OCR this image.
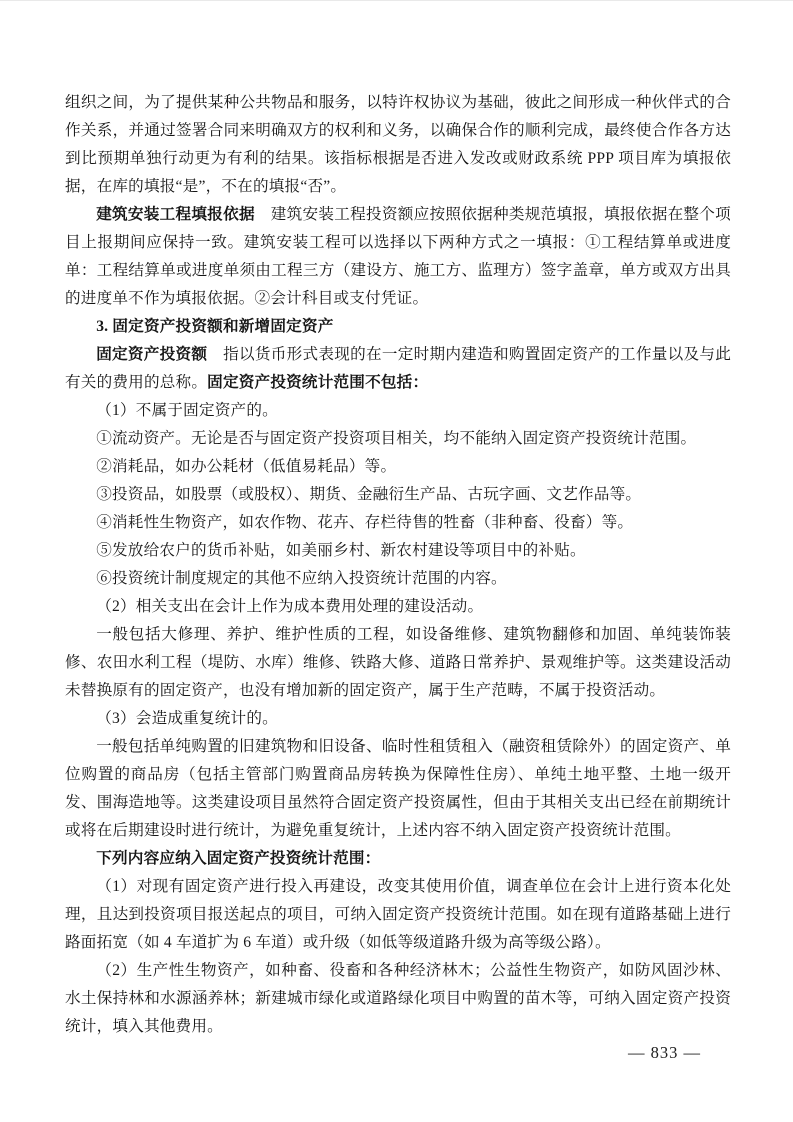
组织之间，为了提供某种公共物品和服务，以特许权协议为基础，彼此之间形成一种伙伴式的合作关系，并通过签署合同来明确双方的权利和义务，以确保合作的顺利完成，最终使合作各方达到比预期单独行动更为有利的结果。该指标根据是否进入发改或财政系统 PPP 项目库为填报依据，在库的填报“是”，不在的填报“否”。

建筑安装工程填报依据　建筑安装工程投资额应按照依据种类规范填报，填报依据在整个项目上报期间应保持一致。建筑安装工程可以选择以下两种方式之一填报：①工程结算单或进度单：工程结算单或进度单须由工程三方（建设方、施工方、监理方）签字盖章，单方或双方出具的进度单不作为填报依据。②会计科目或支付凭证。

3. 固定资产投资额和新增固定资产

固定资产投资额　指以货币形式表现的在一定时期内建造和购置固定资产的工作量以及与此有关的费用的总称。固定资产投资统计范围不包括：

（1）不属于固定资产的。

①流动资产。无论是否与固定资产投资项目相关，均不能纳入固定资产投资统计范围。

②消耗品，如办公耗材（低值易耗品）等。

③投资品，如股票（或股权）、期货、金融衍生产品、古玩字画、文艺作品等。

④消耗性生物资产，如农作物、花卉、存栏待售的牲畜（非种畜、役畜）等。

⑤发放给农户的货币补贴，如美丽乡村、新农村建设等项目中的补贴。

⑥投资统计制度规定的其他不应纳入投资统计范围的内容。

（2）相关支出在会计上作为成本费用处理的建设活动。

一般包括大修理、养护、维护性质的工程，如设备维修、建筑物翻修和加固、单纯装饰装修、农田水利工程（堤防、水库）维修、铁路大修、道路日常养护、景观维护等。这类建设活动未替换原有的固定资产，也没有增加新的固定资产，属于生产范畴，不属于投资活动。

（3）会造成重复统计的。

一般包括单纯购置的旧建筑物和旧设备、临时性租赁租入（融资租赁除外）的固定资产、单位购置的商品房（包括主管部门购置商品房转换为保障性住房）、单纯土地平整、土地一级开发、围海造地等。这类建设项目虽然符合固定资产投资属性，但由于其相关支出已经在前期统计或将在后期建设时进行统计，为避免重复统计，上述内容不纳入固定资产投资统计范围。

下列内容应纳入固定资产投资统计范围：

（1）对现有固定资产进行投入再建设，改变其使用价值，调查单位在会计上进行资本化处理，且达到投资项目报送起点的项目，可纳入固定资产投资统计范围。如在现有道路基础上进行路面拓宽（如 4 车道扩为 6 车道）或升级（如低等级道路升级为高等级公路）。

（2）生产性生物资产，如种畜、役畜和各种经济林木；公益性生物资产，如防风固沙林、水土保持林和水源涵养林；新建城市绿化或道路绿化项目中购置的苗木等，可纳入固定资产投资统计，填入其他费用。

— 833 —
